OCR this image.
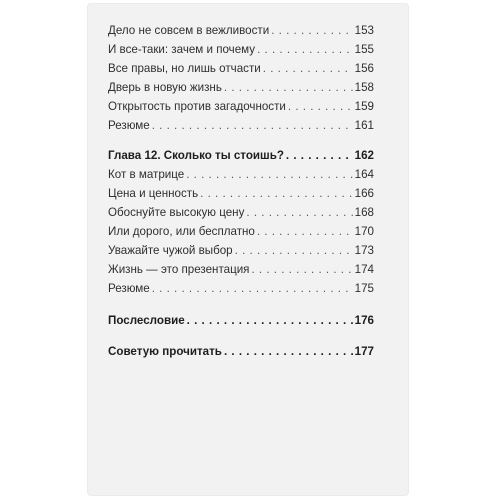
Дело не совсем в вежливости . . .	153
И все-таки: зачем и почему . . .	155
Все правы, но лишь отчасти . . .	156
Дверь в новую жизнь . . .	158
Открытость против загадочности . . .	159
Резюме . . .	161
Глава 12. Сколько ты стоишь? . . .	162
Кот в матрице . . .	164
Цена и ценность . . .	166
Обоснуйте высокую цену . . .	168
Или дорого, или бесплатно . . .	170
Уважайте чужой выбор . . .	173
Жизнь — это презентация . . .	174
Резюме . . .	175
Послесловие . . .	176
Советую прочитать . . .	177
